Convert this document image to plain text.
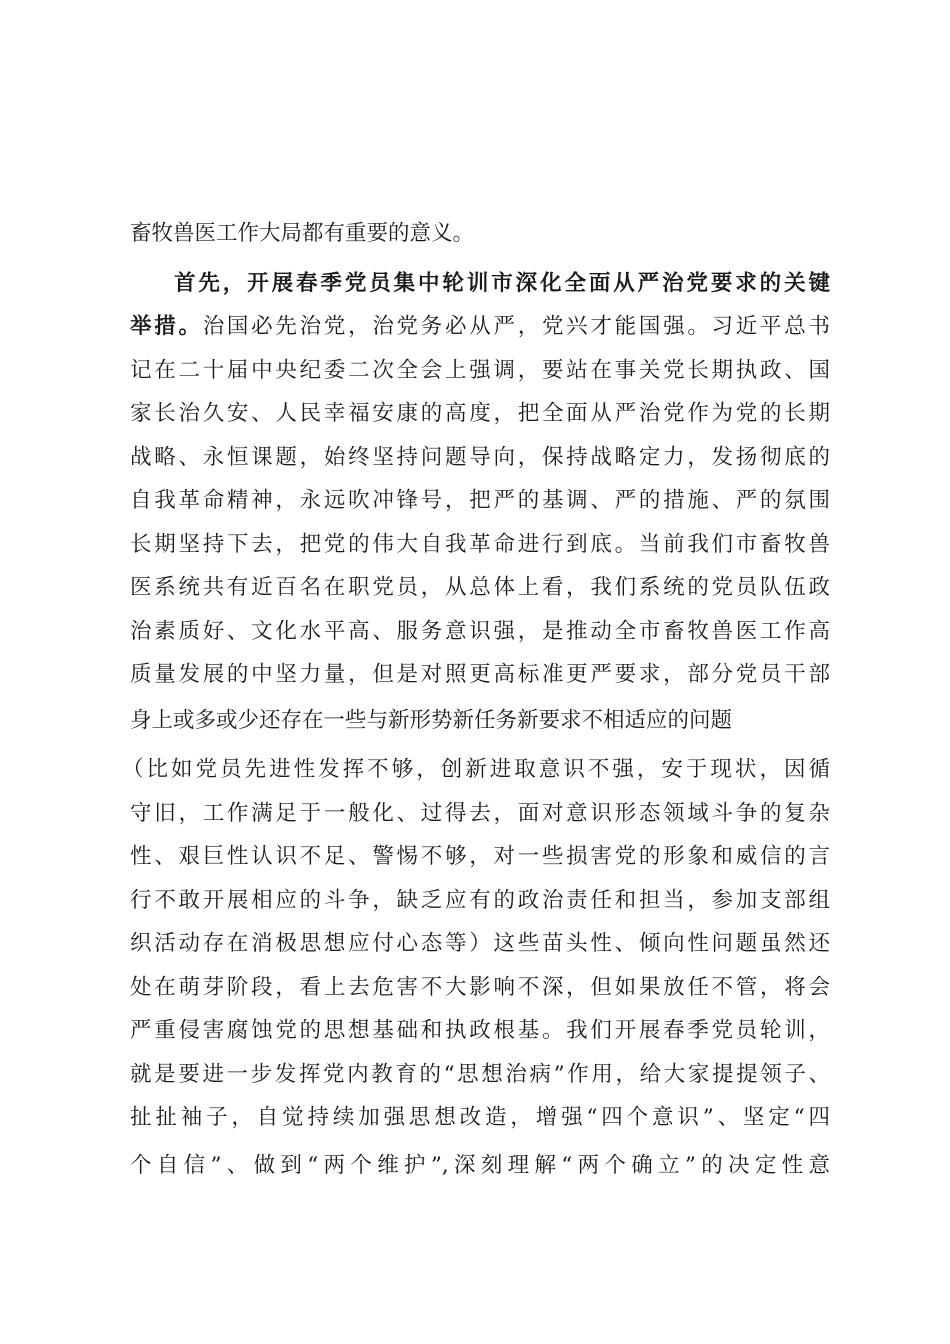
畜牧兽医工作大局都有重要的意义。
首先，开展春季党员集中轮训市深化全面从严治党要求的关键
举措。治国必先治党，治党务必从严，党兴才能国强。习近平总书
记在二十届中央纪委二次全会上强调，要站在事关党长期执政、国
家长治久安、人民幸福安康的高度，把全面从严治党作为党的长期
战略、永恒课题，始终坚持问题导向，保持战略定力，发扬彻底的
自我革命精神，永远吹冲锋号，把严的基调、严的措施、严的氛围
长期坚持下去，把党的伟大自我革命进行到底。当前我们市畜牧兽
医系统共有近百名在职党员，从总体上看，我们系统的党员队伍政
治素质好、文化水平高、服务意识强，是推动全市畜牧兽医工作高
质量发展的中坚力量，但是对照更高标准更严要求，部分党员干部
身上或多或少还存在一些与新形势新任务新要求不相适应的问题
（比如党员先进性发挥不够，创新进取意识不强，安于现状，因循
守旧，工作满足于一般化、过得去，面对意识形态领域斗争的复杂
性、艰巨性认识不足、警惕不够，对一些损害党的形象和威信的言
行不敢开展相应的斗争，缺乏应有的政治责任和担当，参加支部组
织活动存在消极思想应付心态等）这些苗头性、倾向性问题虽然还
处在萌芽阶段，看上去危害不大影响不深，但如果放任不管，将会
严重侵害腐蚀党的思想基础和执政根基。我们开展春季党员轮训，
就是要进一步发挥党内教育的“思想治病”作用，给大家提提领子、
扯扯袖子，自觉持续加强思想改造，增强“四个意识”、坚定“四
个自信”、做到“两个维护”,深刻理解“两个确立”的决定性意
